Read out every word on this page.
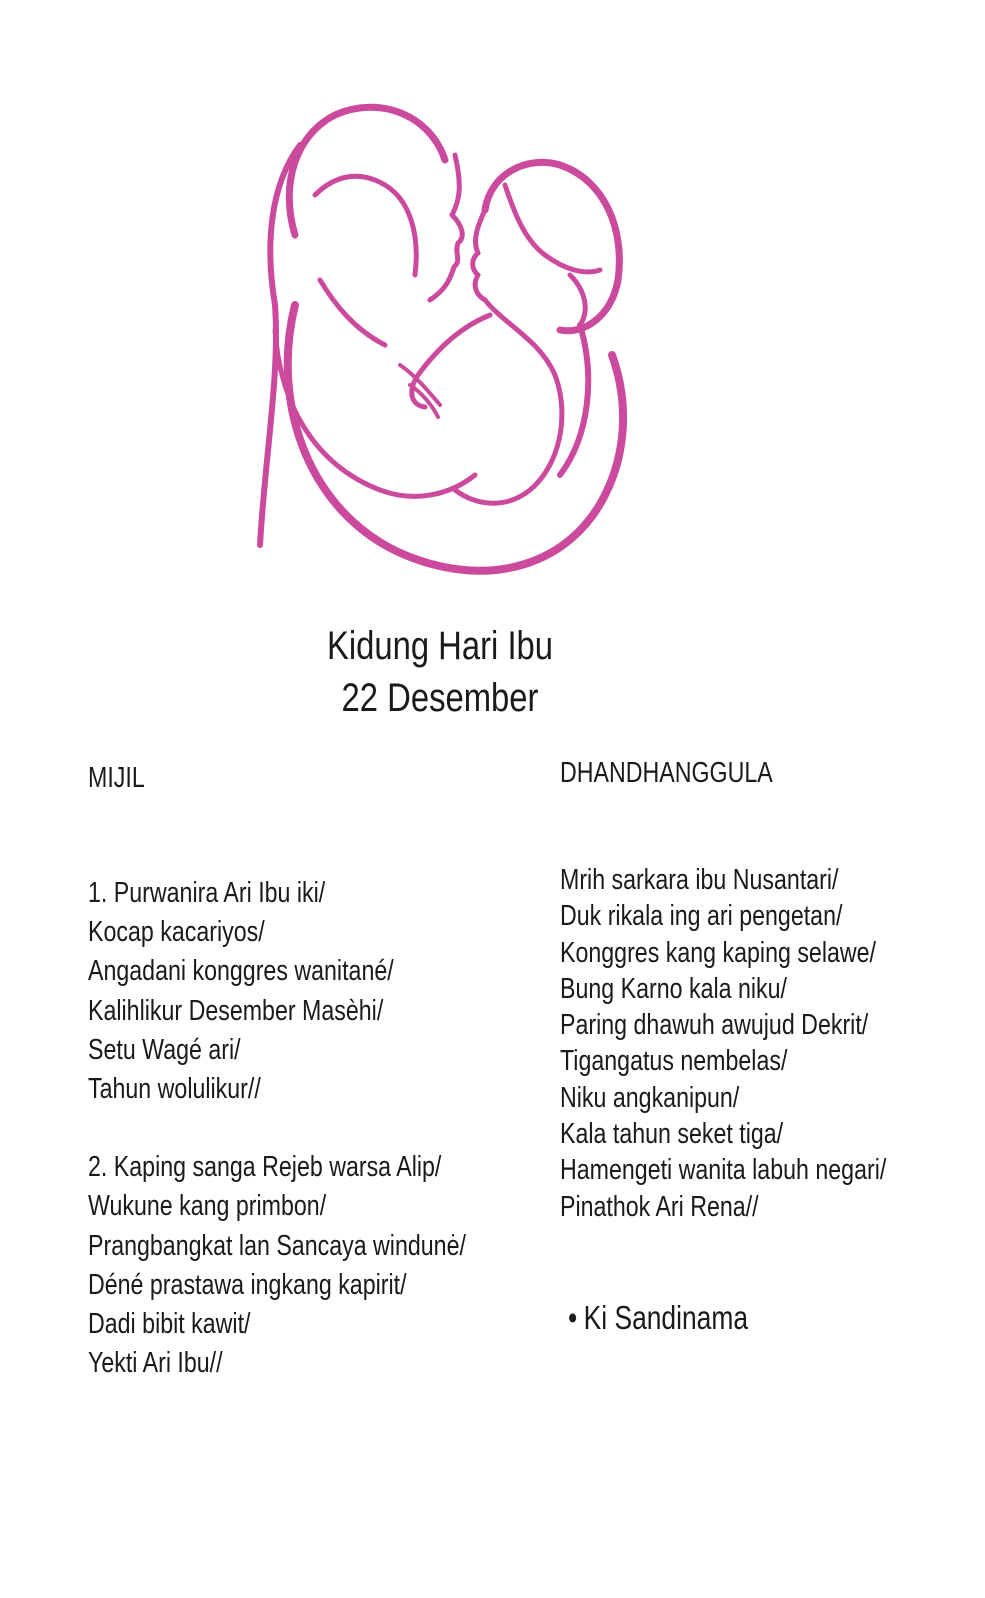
Kidung Hari Ibu
22 Desember
MIJIL
1. Purwanira Ari Ibu iki/
Kocap kacariyos/
Angadani konggres wanitané/
Kalihlikur Desember Masèhi/
Setu Wagé ari/
Tahun wolulikur//
2. Kaping sanga Rejeb warsa Alip/
Wukune kang primbon/
Prangbangkat lan Sancaya windunė/
Déné prastawa ingkang kapirit/
Dadi bibit kawit/
Yekti Ari Ibu//
DHANDHANGGULA
Mrih sarkara ibu Nusantari/
Duk rikala ing ari pengetan/
Konggres kang kaping selawe/
Bung Karno kala niku/
Paring dhawuh awujud Dekrit/
Tigangatus nembelas/
Niku angkanipun/
Kala tahun seket tiga/
Hamengeti wanita labuh negari/
Pinathok Ari Rena//
• Ki Sandinama
